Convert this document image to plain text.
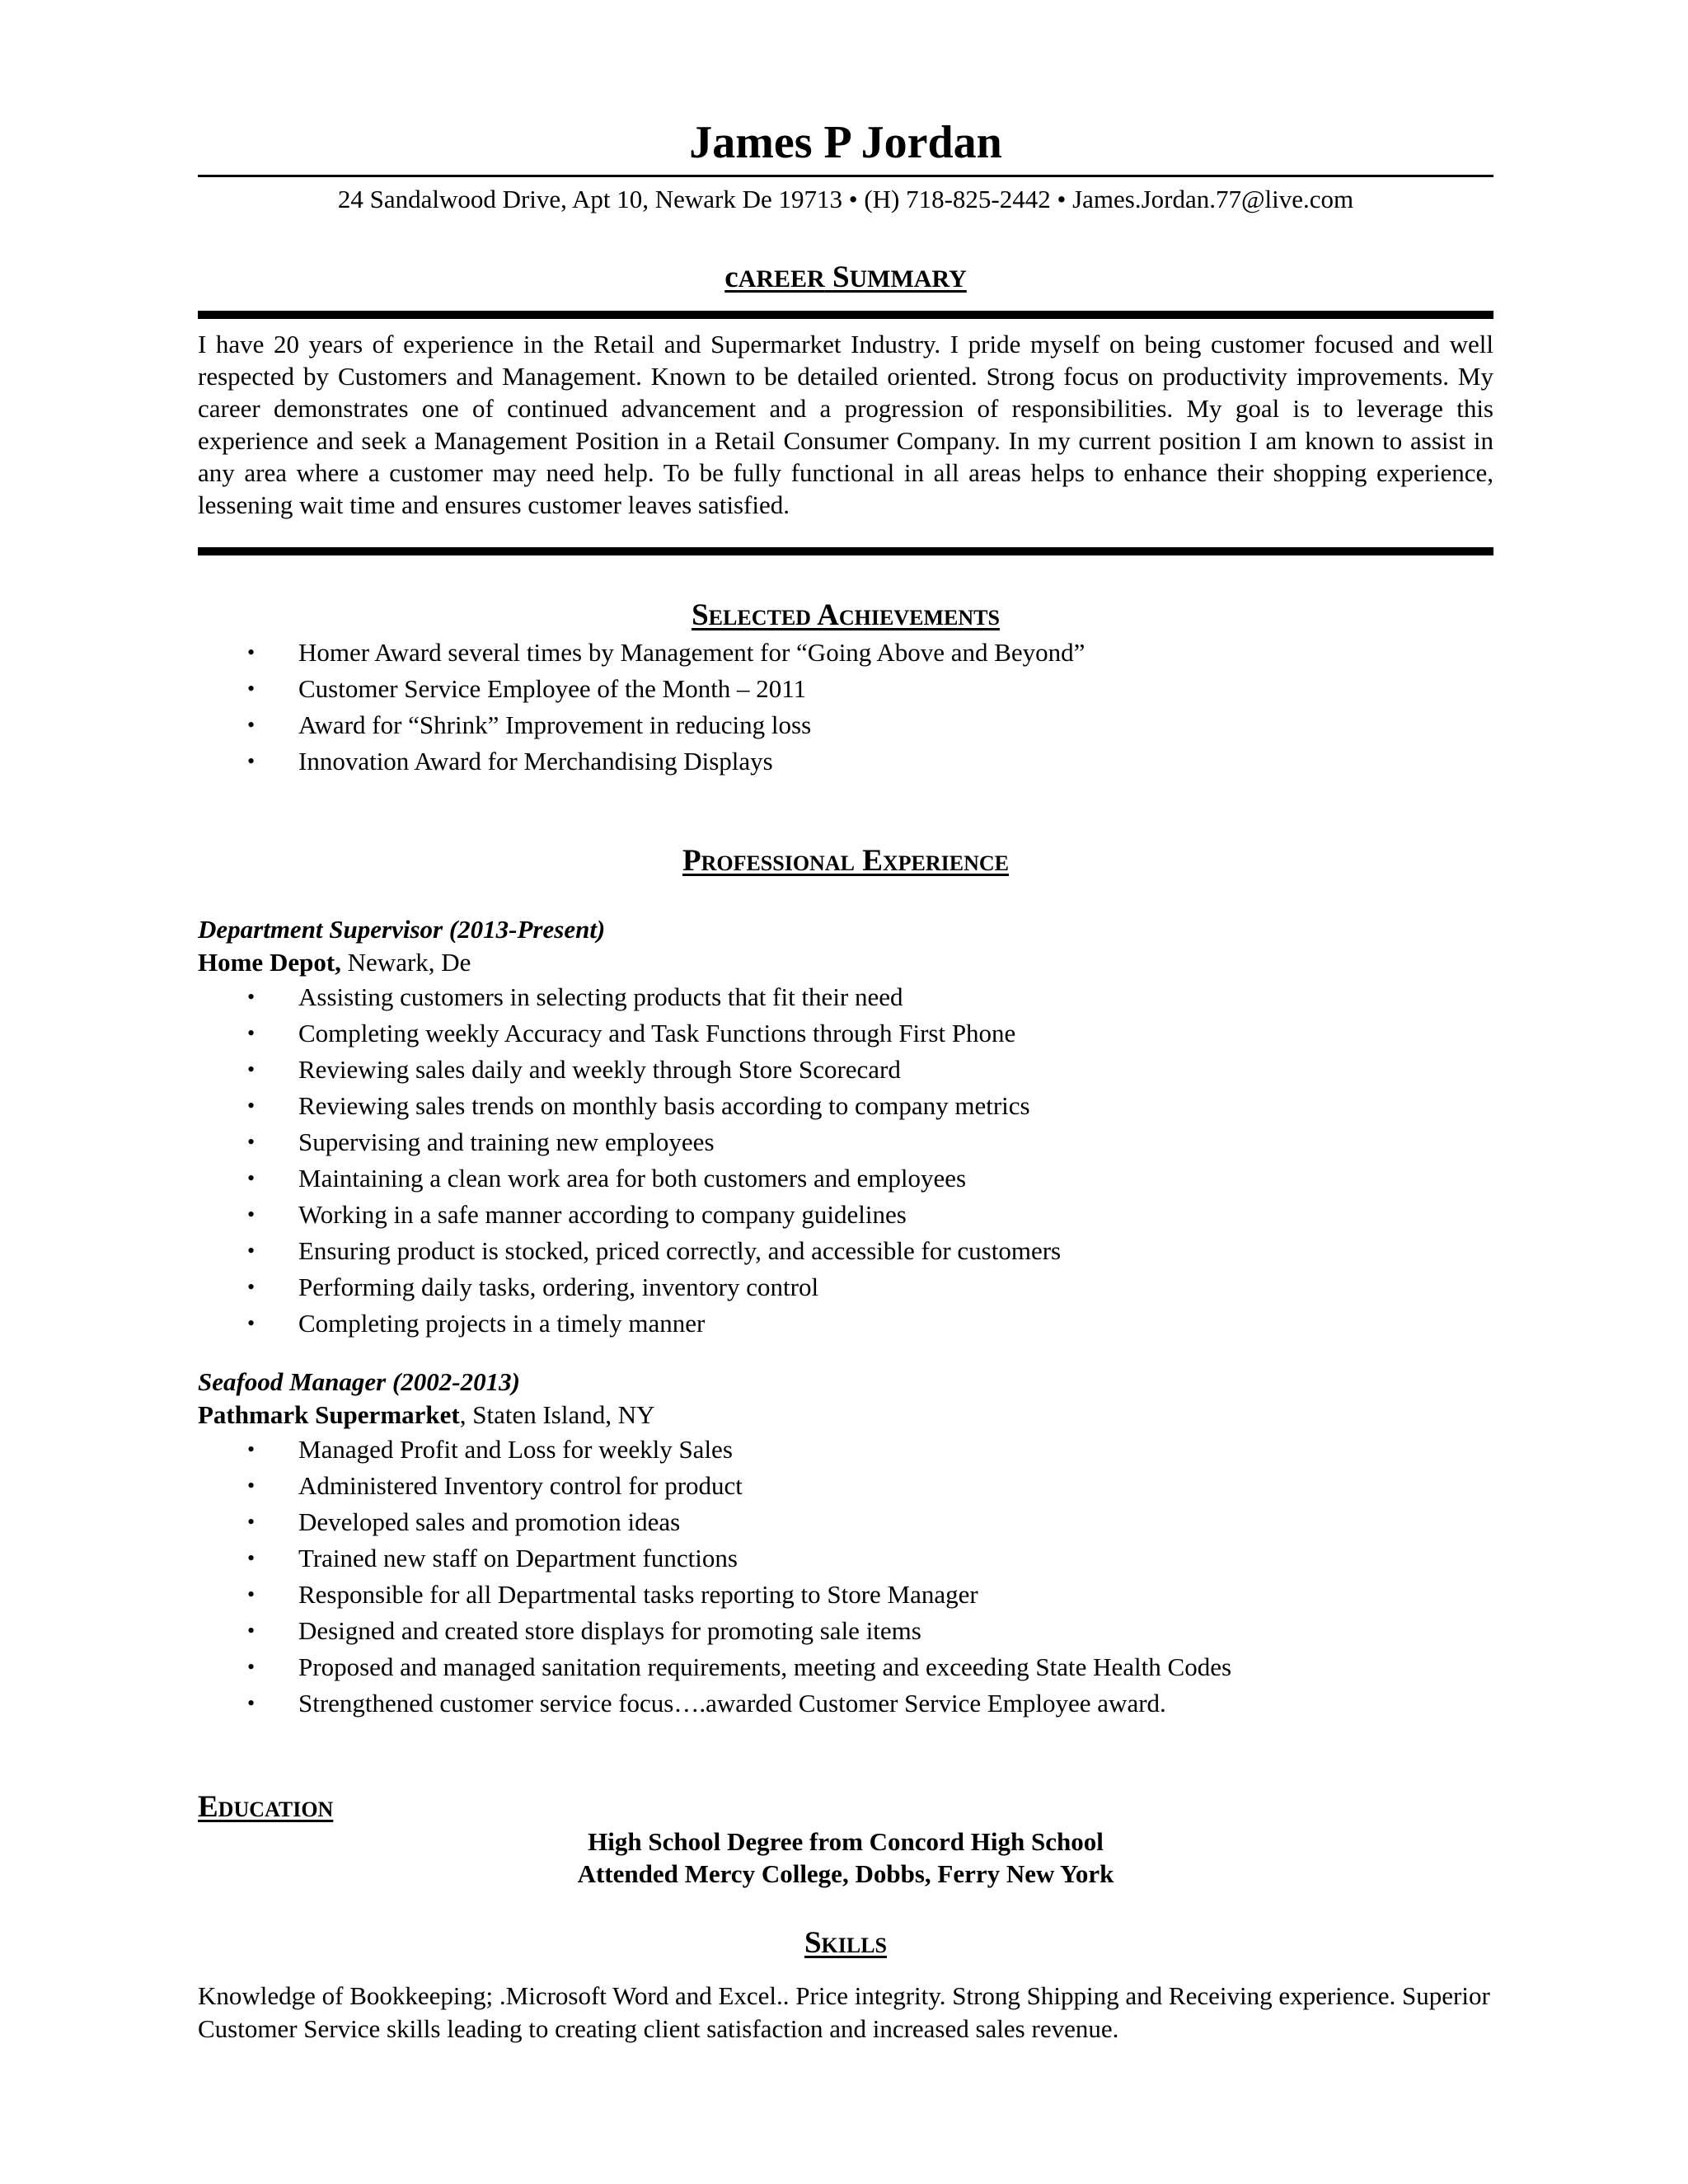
James P Jordan
24 Sandalwood Drive, Apt 10, Newark De 19713 • (H) 718-825-2442 • James.Jordan.77@live.com
cAREER SUMMARY
I have 20 years of experience in the Retail and Supermarket Industry. I pride myself on being customer focused and well respected by Customers and Management. Known to be detailed oriented. Strong focus on productivity improvements. My career demonstrates one of continued advancement and a progression of responsibilities. My goal is to leverage this experience and seek a Management Position in a Retail Consumer Company. In my current position I am known to assist in any area where a customer may need help. To be fully functional in all areas helps to enhance their shopping experience, lessening wait time and ensures customer leaves satisfied.
Selected Achievements
• Homer Award several times by Management for “Going Above and Beyond”
• Customer Service Employee of the Month – 2011
• Award for “Shrink” Improvement in reducing loss
• Innovation Award for Merchandising Displays
Professional Experience
Department Supervisor (2013-Present)
Home Depot, Newark, De
• Assisting customers in selecting products that fit their need
• Completing weekly Accuracy and Task Functions through First Phone
• Reviewing sales daily and weekly through Store Scorecard
• Reviewing sales trends on monthly basis according to company metrics
• Supervising and training new employees
• Maintaining a clean work area for both customers and employees
• Working in a safe manner according to company guidelines
• Ensuring product is stocked, priced correctly, and accessible for customers
• Performing daily tasks, ordering, inventory control
• Completing projects in a timely manner
Seafood Manager (2002-2013)
Pathmark Supermarket, Staten Island, NY
• Managed Profit and Loss for weekly Sales
• Administered Inventory control for product
• Developed sales and promotion ideas
• Trained new staff on Department functions
• Responsible for all Departmental tasks reporting to Store Manager
• Designed and created store displays for promoting sale items
• Proposed and managed sanitation requirements, meeting and exceeding State Health Codes
• Strengthened customer service focus….awarded Customer Service Employee award.
Education
High School Degree from Concord High School
Attended Mercy College, Dobbs, Ferry New York
Skills
Knowledge of Bookkeeping; .Microsoft Word and Excel.. Price integrity. Strong Shipping and Receiving experience. Superior Customer Service skills leading to creating client satisfaction and increased sales revenue.
